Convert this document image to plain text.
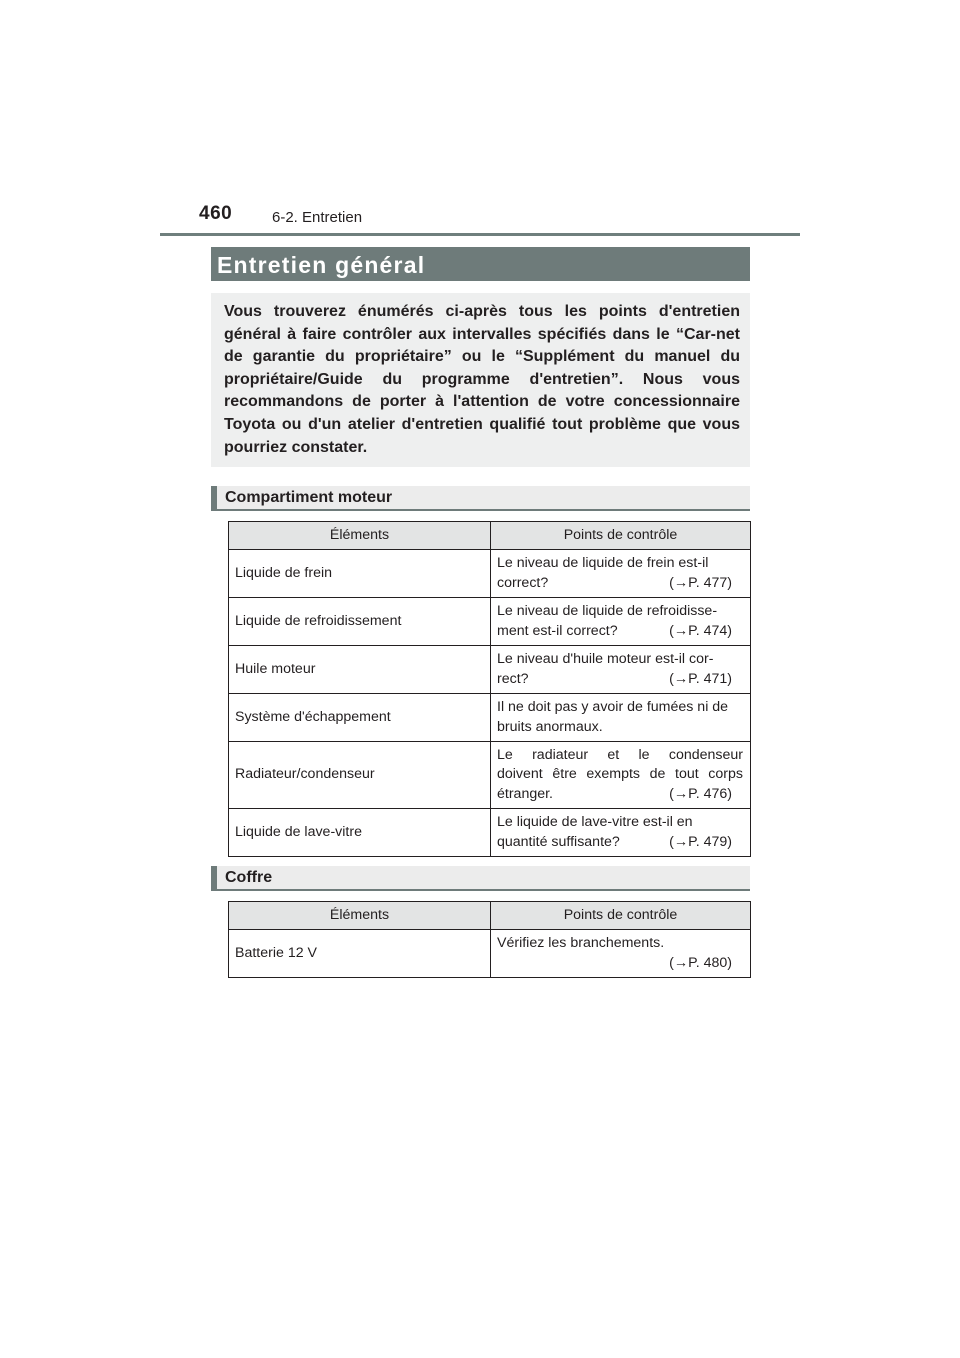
460	6-2. Entretien
Entretien général
Vous trouverez énumérés ci-après tous les points d'entretien général à faire contrôler aux intervalles spécifiés dans le “Car-net de garantie du propriétaire” ou le “Supplément du manuel du propriétaire/Guide du programme d'entretien”. Nous vous recommandons de porter à l'attention de votre concessionnaire Toyota ou d'un atelier d'entretien qualifié tout problème que vous pourriez constater.
Compartiment moteur
Éléments	Points de contrôle
Liquide de frein	Le niveau de liquide de frein est-il
correct? (→P. 477)

Liquide de refroidissement	Le niveau de liquide de refroidisse-
ment est-il correct? (→P. 474)

Huile moteur	Le niveau d'huile moteur est-il cor-
rect? (→P. 471)

Système d'échappement	Il ne doit pas y avoir de fumées ni de
bruits anormaux.

Radiateur/condenseur	Le radiateur et le condenseur
doivent être exempts de tout corps
étranger. (→P. 476)

Liquide de lave-vitre	Le liquide de lave-vitre est-il en
quantité suffisante? (→P. 479)
Coffre
Éléments	Points de contrôle
Batterie 12 V	Vérifiez les branchements.
(→P. 480)
